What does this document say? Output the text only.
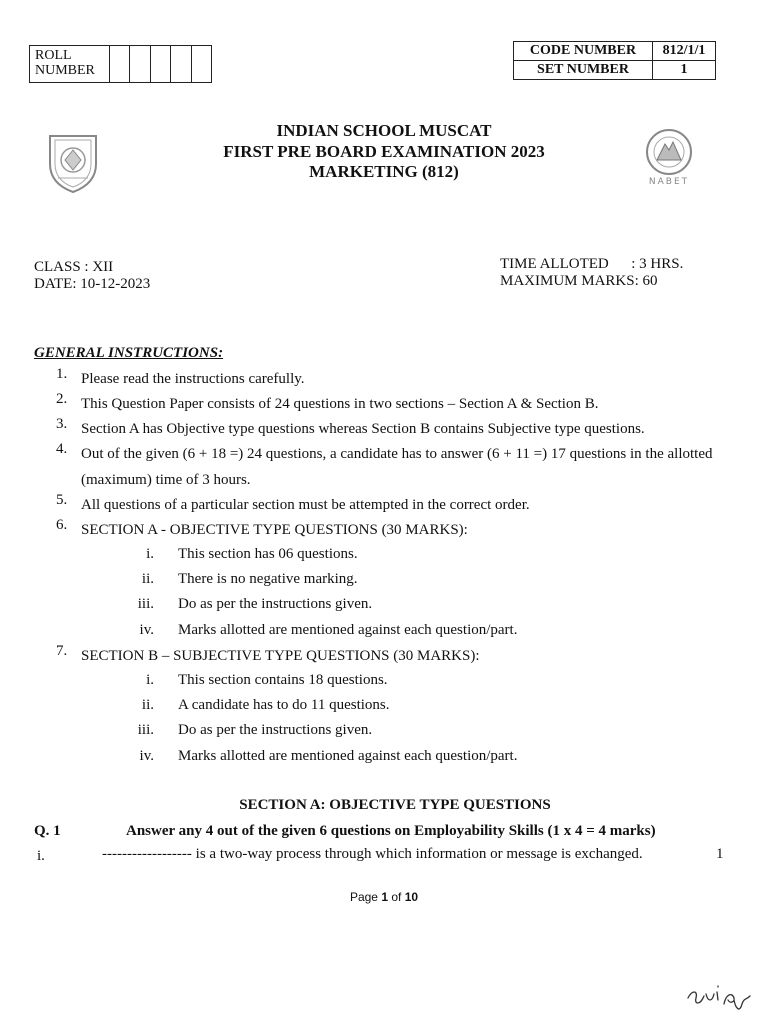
ROLL
NUMBER
CODE NUMBER	812/1/1
SET NUMBER	1
NABET
INDIAN SCHOOL MUSCAT
FIRST PRE BOARD EXAMINATION 2023
MARKETING (812)
CLASS : XII
DATE: 10-12-2023
TIME ALLOTED      : 3 HRS.
MAXIMUM MARKS: 60
GENERAL INSTRUCTIONS:
1. Please read the instructions carefully.
2. This Question Paper consists of 24 questions in two sections – Section A & Section B.
3. Section A has Objective type questions whereas Section B contains Subjective type questions.
4. Out of the given (6 + 18 =) 24 questions, a candidate has to answer (6 + 11 =) 17 questions in the allotted (maximum) time of 3 hours.
5. All questions of a particular section must be attempted in the correct order.
6. SECTION A - OBJECTIVE TYPE QUESTIONS (30 MARKS):
i. This section has 06 questions.
ii. There is no negative marking.
iii. Do as per the instructions given.
iv. Marks allotted are mentioned against each question/part.
7. SECTION B – SUBJECTIVE TYPE QUESTIONS (30 MARKS):
i. This section contains 18 questions.
ii. A candidate has to do 11 questions.
iii. Do as per the instructions given.
iv. Marks allotted are mentioned against each question/part.
SECTION A: OBJECTIVE TYPE QUESTIONS
Q. 1	Answer any 4 out of the given 6 questions on Employability Skills (1 x 4 = 4 marks)
i.	------------------ is a two-way process through which information or message is exchanged.	1
Page 1 of 10
